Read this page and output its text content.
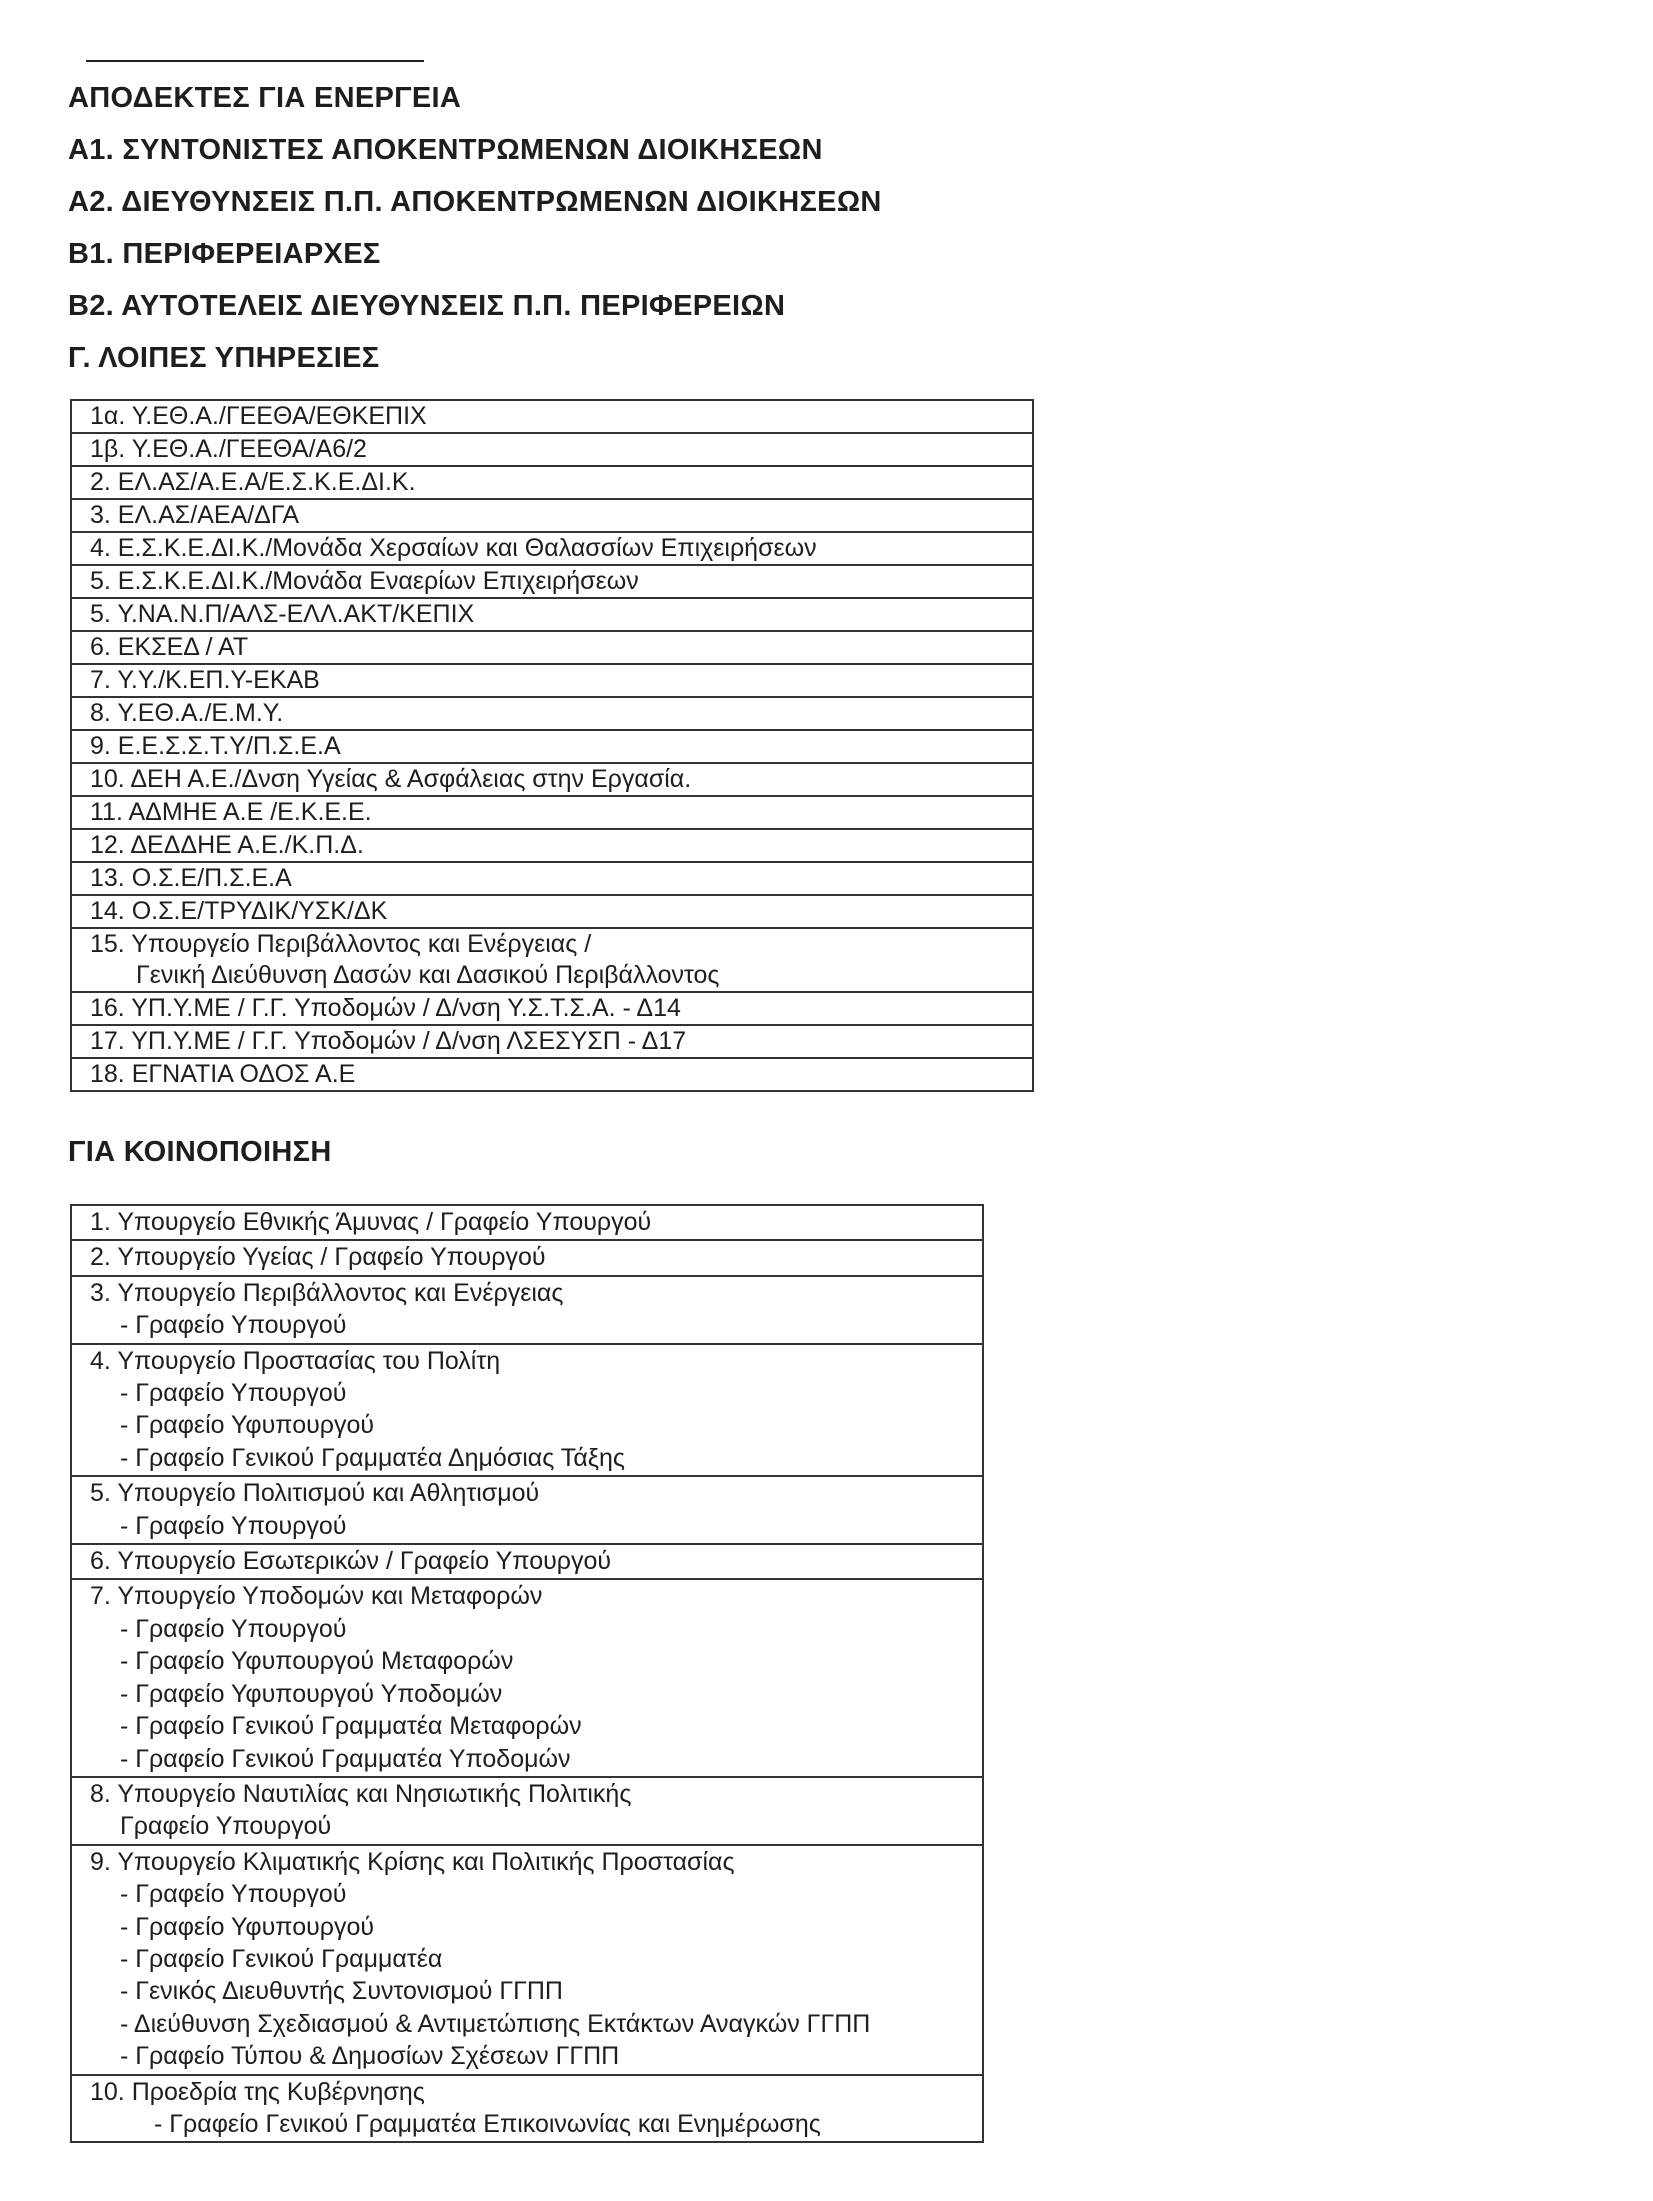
ΑΠΟΔΕΚΤΕΣ ΓΙΑ ΕΝΕΡΓΕΙΑ
Α1. ΣΥΝΤΟΝΙΣΤΕΣ ΑΠΟΚΕΝΤΡΩΜΕΝΩΝ ΔΙΟΙΚΗΣΕΩΝ
Α2. ΔΙΕΥΘΥΝΣΕΙΣ Π.Π. ΑΠΟΚΕΝΤΡΩΜΕΝΩΝ ΔΙΟΙΚΗΣΕΩΝ
Β1. ΠΕΡΙΦΕΡΕΙΑΡΧΕΣ
Β2. ΑΥΤΟΤΕΛΕΙΣ ΔΙΕΥΘΥΝΣΕΙΣ Π.Π. ΠΕΡΙΦΕΡΕΙΩΝ
Γ. ΛΟΙΠΕΣ ΥΠΗΡΕΣΙΕΣ
1α. Υ.ΕΘ.Α./ΓΕΕΘΑ/ΕΘΚΕΠΙΧ
1β. Υ.ΕΘ.Α./ΓΕΕΘΑ/Α6/2
2. ΕΛ.ΑΣ/Α.Ε.Α/Ε.Σ.Κ.Ε.ΔΙ.Κ.
3. ΕΛ.ΑΣ/ΑΕΑ/ΔΓΑ
4. Ε.Σ.Κ.Ε.ΔΙ.Κ./Μονάδα Χερσαίων και Θαλασσίων Επιχειρήσεων
5. Ε.Σ.Κ.Ε.ΔΙ.Κ./Μονάδα Εναερίων Επιχειρήσεων
5. Υ.ΝΑ.Ν.Π/ΑΛΣ-ΕΛΛ.ΑΚΤ/ΚΕΠΙΧ
6. ΕΚΣΕΔ / ΑΤ
7. Υ.Υ./Κ.ΕΠ.Υ-ΕΚΑΒ
8. Υ.ΕΘ.Α./Ε.Μ.Υ.
9. Ε.Ε.Σ.Σ.Τ.Υ/Π.Σ.Ε.Α
10. ΔΕΗ Α.Ε./Δνση Υγείας & Ασφάλειας στην Εργασία.
11. ΑΔΜΗΕ Α.Ε /Ε.Κ.Ε.Ε.
12. ΔΕΔΔΗΕ Α.Ε./Κ.Π.Δ.
13. Ο.Σ.Ε/Π.Σ.Ε.Α
14. Ο.Σ.Ε/ΤΡΥΔΙΚ/ΥΣΚ/ΔΚ

15. Υπουργείο Περιβάλλοντος και Ενέργειας /
Γενική Διεύθυνση Δασών και Δασικού Περιβάλλοντος

16. ΥΠ.Υ.ΜΕ / Γ.Γ. Υποδομών / Δ/νση Υ.Σ.Τ.Σ.Α. - Δ14
17. ΥΠ.Υ.ΜΕ / Γ.Γ. Υποδομών / Δ/νση ΛΣΕΣΥΣΠ - Δ17
18. ΕΓΝΑΤΙΑ ΟΔΟΣ Α.Ε
ΓΙΑ ΚΟΙΝΟΠΟΙΗΣΗ
1. Υπουργείο Εθνικής Άμυνας / Γραφείο Υπουργού

2. Υπουργείο Υγείας / Γραφείο Υπουργού

3. Υπουργείο Περιβάλλοντος και Ενέργειας
- Γραφείο Υπουργού

4. Υπουργείο Προστασίας του Πολίτη
- Γραφείο Υπουργού
- Γραφείο Υφυπουργού
- Γραφείο Γενικού Γραμματέα Δημόσιας Τάξης

5. Υπουργείο Πολιτισμού και Αθλητισμού
- Γραφείο Υπουργού

6. Υπουργείο Εσωτερικών / Γραφείο Υπουργού

7. Υπουργείο Υποδομών και Μεταφορών
- Γραφείο Υπουργού
- Γραφείο Υφυπουργού Μεταφορών
- Γραφείο Υφυπουργού Υποδομών
- Γραφείο Γενικού Γραμματέα Μεταφορών
- Γραφείο Γενικού Γραμματέα Υποδομών

8. Υπουργείο Ναυτιλίας και Νησιωτικής Πολιτικής
Γραφείο Υπουργού

9. Υπουργείο Κλιματικής Κρίσης και Πολιτικής Προστασίας
- Γραφείο Υπουργού
- Γραφείο Υφυπουργού
- Γραφείο Γενικού Γραμματέα
- Γενικός Διευθυντής Συντονισμού ΓΓΠΠ
- Διεύθυνση Σχεδιασμού & Αντιμετώπισης Εκτάκτων Αναγκών ΓΓΠΠ
- Γραφείο Τύπου & Δημοσίων Σχέσεων ΓΓΠΠ

10. Προεδρία της Κυβέρνησης
- Γραφείο Γενικού Γραμματέα Επικοινωνίας και Ενημέρωσης
